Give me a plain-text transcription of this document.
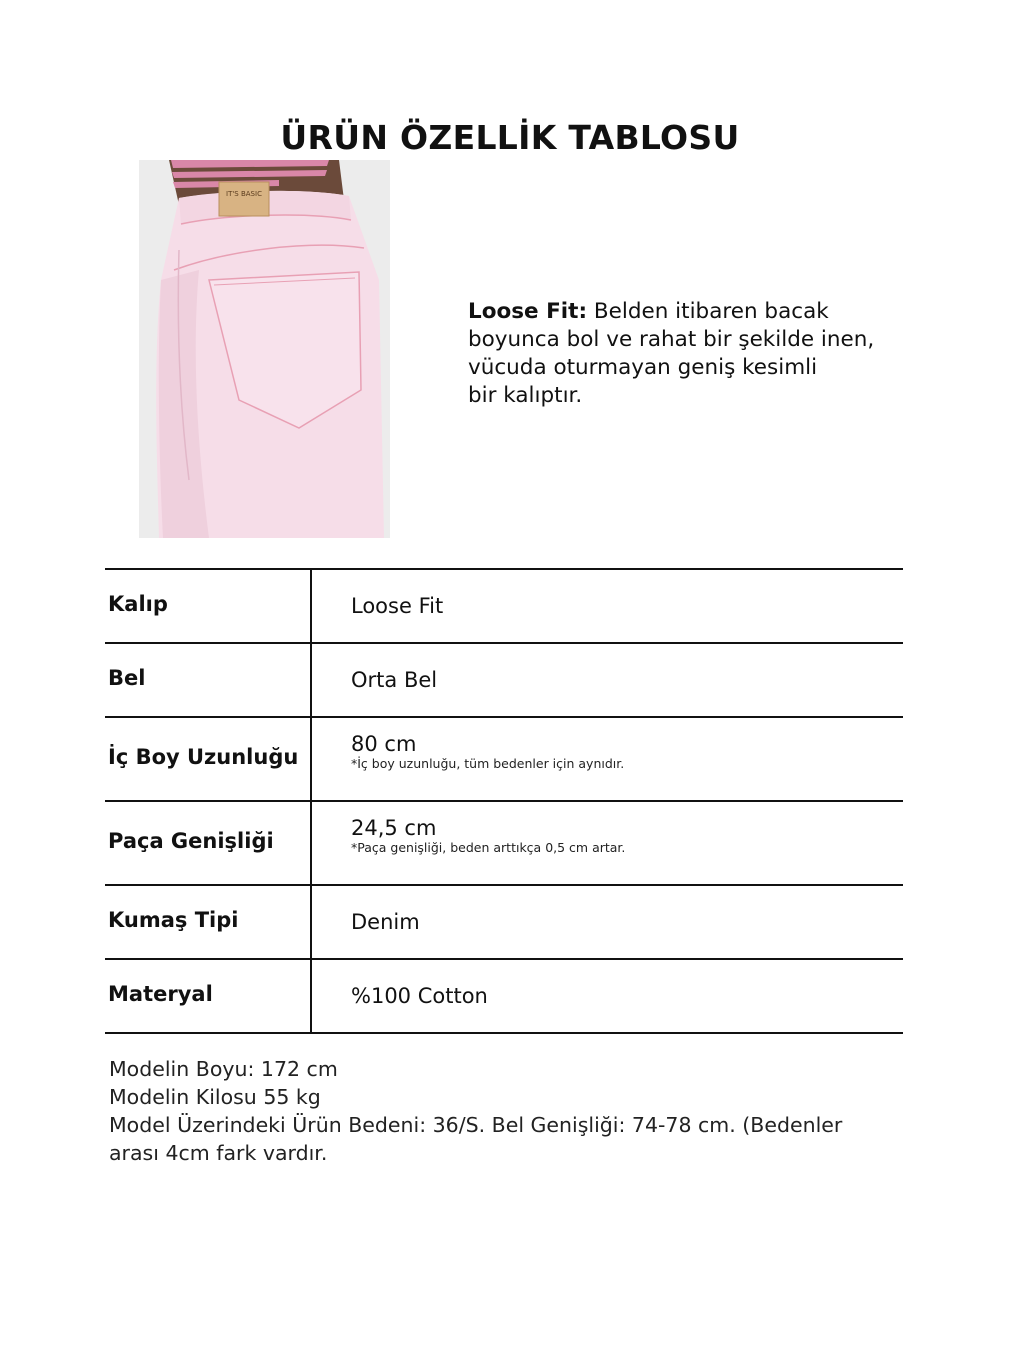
ÜRÜN ÖZELLİK TABLOSU
IT'S BASIC
Loose Fit: Belden itibaren bacak
boyunca bol ve rahat bir şekilde inen,
vücuda oturmayan geniş kesimli
bir kalıptır.
Kalıp	Loose Fit

Bel	Orta Bel

İç Boy Uzunluğu	80 cm
*İç boy uzunluğu, tüm bedenler için aynıdır.

Paça Genişliği	24,5 cm
*Paça genişliği, beden arttıkça 0,5 cm artar.

Kumaş Tipi	Denim

Materyal	%100 Cotton
Modelin Boyu: 172 cm
Modelin Kilosu 55 kg
Model Üzerindeki Ürün Bedeni: 36/S. Bel Genişliği: 74-78 cm. (Bedenler
arası 4cm fark vardır.
